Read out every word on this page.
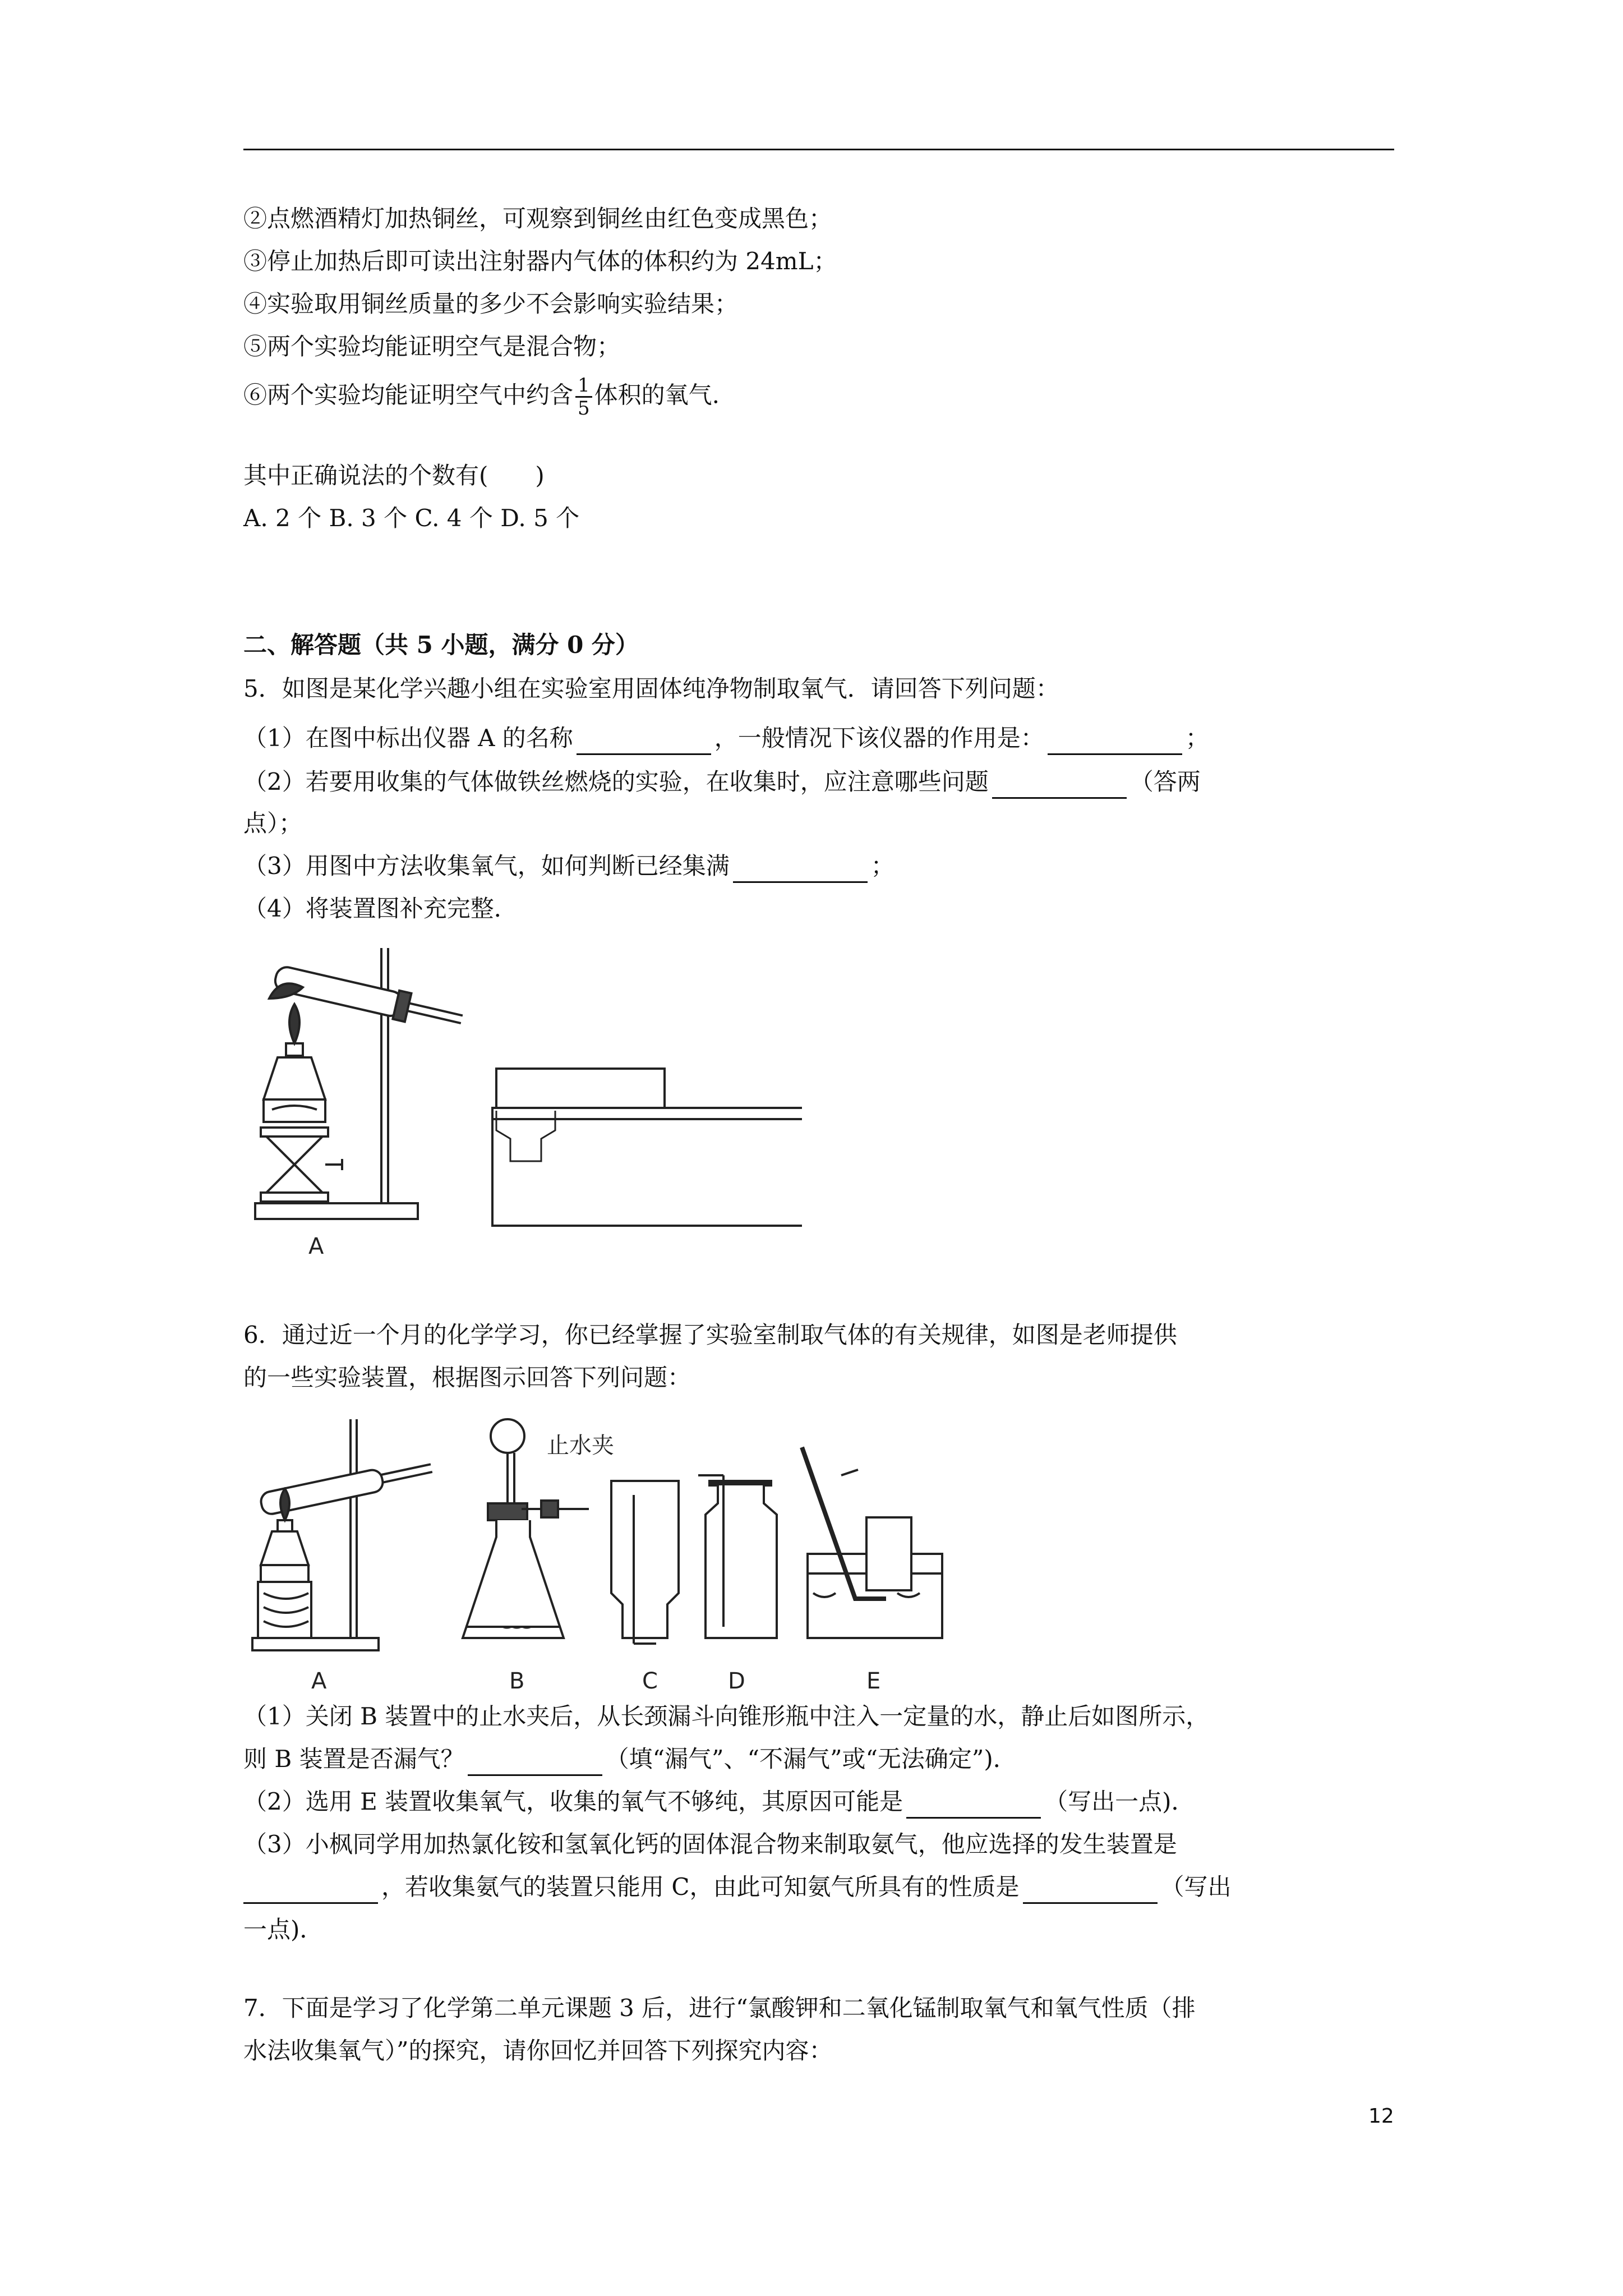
②点燃酒精灯加热铜丝，可观察到铜丝由红色变成黑色；
③停止加热后即可读出注射器内气体的体积约为 24mL；
④实验取用铜丝质量的多少不会影响实验结果；
⑤两个实验均能证明空气是混合物；
⑥两个实验均能证明空气中约含 $\frac{1}{5}$ 体积的氧气.
其中正确说法的个数有(　　)
A. 2 个 B. 3 个 C. 4 个 D. 5 个
二、解答题（共 5 小题，满分 0 分）
5．如图是某化学兴趣小组在实验室用固体纯净物制取氧气．请回答下列问题：
（1）在图中标出仪器 A 的名称	，一般情况下该仪器的作用是：	；
（2）若要用收集的气体做铁丝燃烧的实验，在收集时，应注意哪些问题	（答两
点）；
（3）用图中方法收集氧气，如何判断已经集满	；
（4）将装置图补充完整．
A
6．通过近一个月的化学学习，你已经掌握了实验室制取气体的有关规律，如图是老师提供
的一些实验装置，根据图示回答下列问题：
A
‿‿‿
止水夹
B	C	D	E
（1）关闭 B 装置中的止水夹后，从长颈漏斗向锥形瓶中注入一定量的水，静止后如图所示，
则 B 装置是否漏气？	（填“漏气”、“不漏气”或“无法确定”)．
（2）选用 E 装置收集氧气，收集的氧气不够纯，其原因可能是	（写出一点)．
（3）小枫同学用加热氯化铵和氢氧化钙的固体混合物来制取氨气，他应选择的发生装置是
，若收集氨气的装置只能用 C，由此可知氨气所具有的性质是	（写出
一点)．
7．下面是学习了化学第二单元课题 3 后，进行“氯酸钾和二氧化锰制取氧气和氧气性质（排
水法收集氧气）”的探究，请你回忆并回答下列探究内容：
12
